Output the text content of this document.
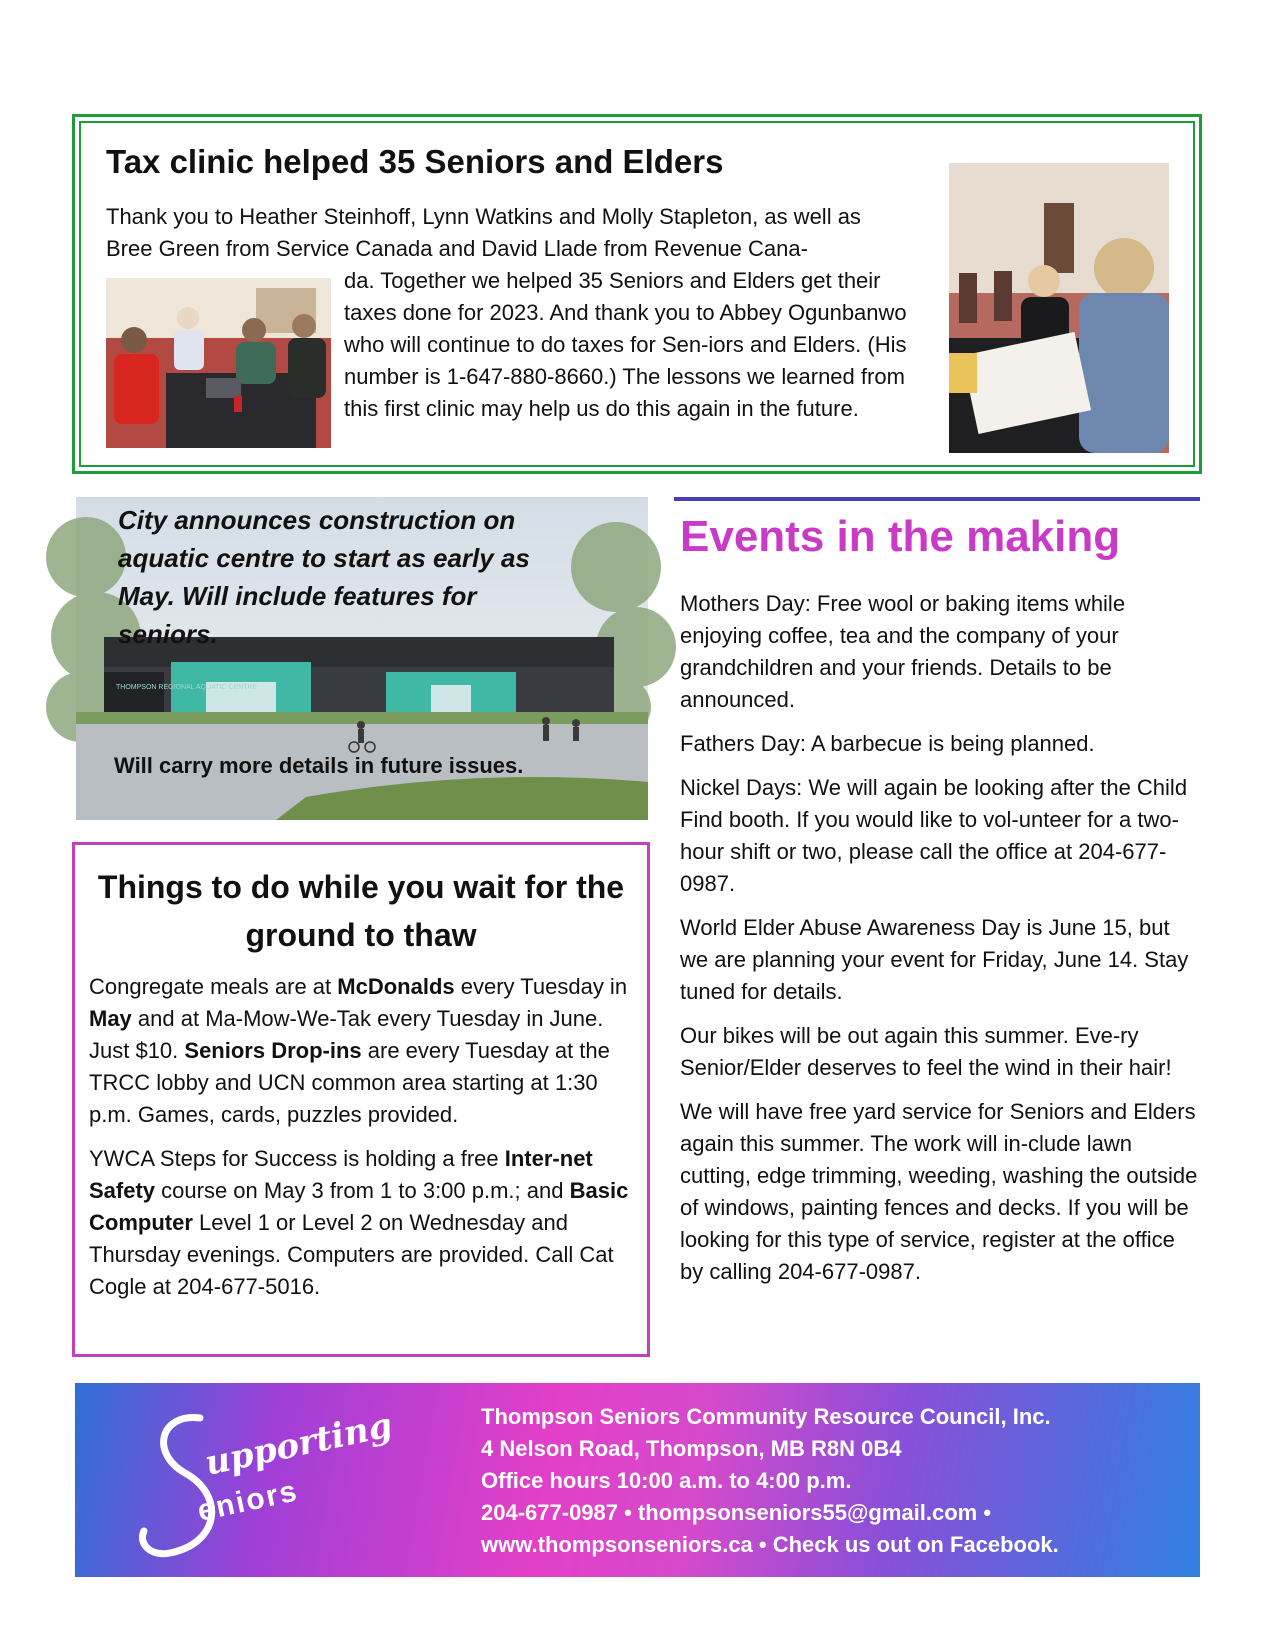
Tax clinic helped 35 Seniors and Elders

Thank you to Heather Steinhoff, Lynn Watkins and Molly Stapleton, as well as Bree Green from Service Canada and David Llade from Revenue Cana-

da. Together we helped 35 Seniors and Elders get their taxes done for 2023. And thank you to Abbey Ogunbanwo who will continue to do taxes for Sen-iors and Elders. (His number is 1-647-880-8660.) The lessons we learned from this first clinic may help us do this again in the future.

THOMPSON REGIONAL AQUATIC CENTRE

City announces construction on aquatic centre to start as early as May. Will include features for seniors.

Will carry more details in future issues.

Things to do while you wait for the ground to thaw

Congregate meals are at McDonalds every Tuesday in May and at Ma-Mow-We-Tak every Tuesday in June. Just $10. Seniors Drop-ins are every Tuesday at the TRCC lobby and UCN common area starting at 1:30 p.m. Games, cards, puzzles provided.

YWCA Steps for Success is holding a free Inter-net Safety course on May 3 from 1 to 3:00 p.m.; and Basic Computer Level 1 or Level 2 on Wednesday and Thursday evenings. Computers are provided. Call Cat Cogle at 204-677-5016.

Events in the making

Mothers Day: Free wool or baking items while enjoying coffee, tea and the company of your grandchildren and your friends. Details to be announced.

Fathers Day: A barbecue is being planned.

Nickel Days: We will again be looking after the Child Find booth. If you would like to vol-unteer for a two-hour shift or two, please call the office at 204-677-0987.

World Elder Abuse Awareness Day is June 15, but we are planning your event for Friday, June 14. Stay tuned for details.

Our bikes will be out again this summer. Eve-ry Senior/Elder deserves to feel the wind in their hair!

We will have free yard service for Seniors and Elders again this summer. The work will in-clude lawn cutting, edge trimming, weeding, washing the outside of windows, painting fences and decks. If you will be looking for this type of service, register at the office by calling 204-677-0987.

upporting
eniors
Thompson Seniors Community Resource Council, Inc.
4 Nelson Road, Thompson, MB R8N 0B4
Office hours 10:00 a.m. to 4:00 p.m.
204-677-0987 • thompsonseniors55@gmail.com •
www.thompsonseniors.ca • Check us out on Facebook.
